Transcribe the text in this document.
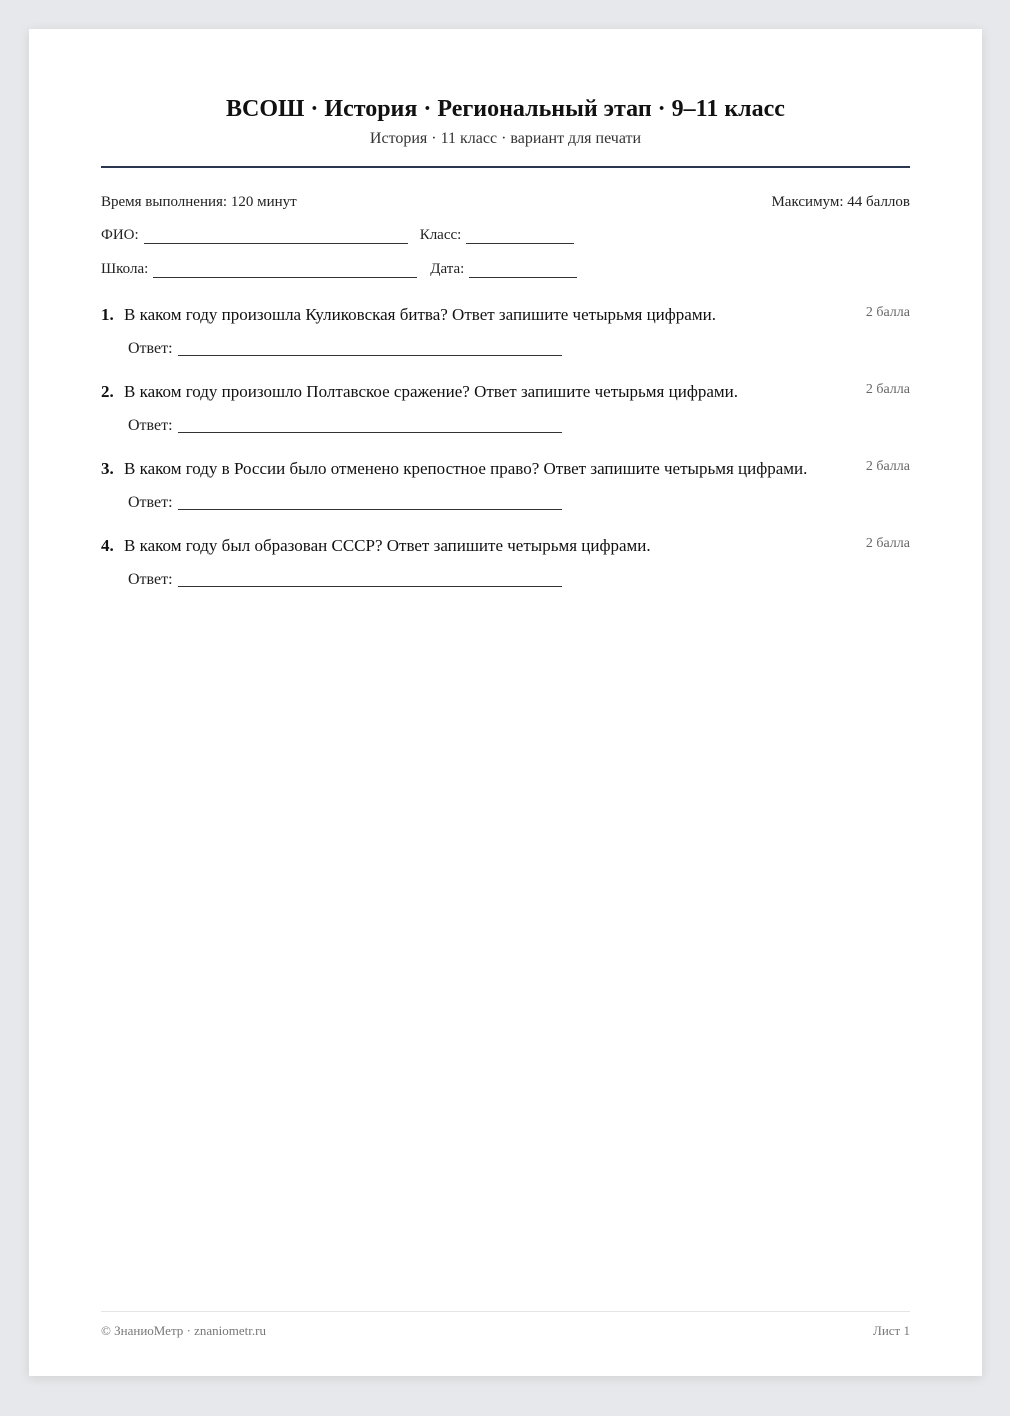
ВСОШ · История · Региональный этап · 9–11 класс
История · 11 класс · вариант для печати
Время выполнения: 120 минут	Максимум: 44 баллов
ФИО:	Класс:
Школа:	Дата:
1. В каком году произошла Куликовская битва? Ответ запишите четырьмя цифрами.	2 балла
Ответ:
2. В каком году произошло Полтавское сражение? Ответ запишите четырьмя цифрами.	2 балла
Ответ:
3. В каком году в России было отменено крепостное право? Ответ запишите четырьмя цифрами.	2 балла
Ответ:
4. В каком году был образован СССР? Ответ запишите четырьмя цифрами.	2 балла
Ответ:
© ЗнаниоМетр · znaniometr.ru	Лист 1
